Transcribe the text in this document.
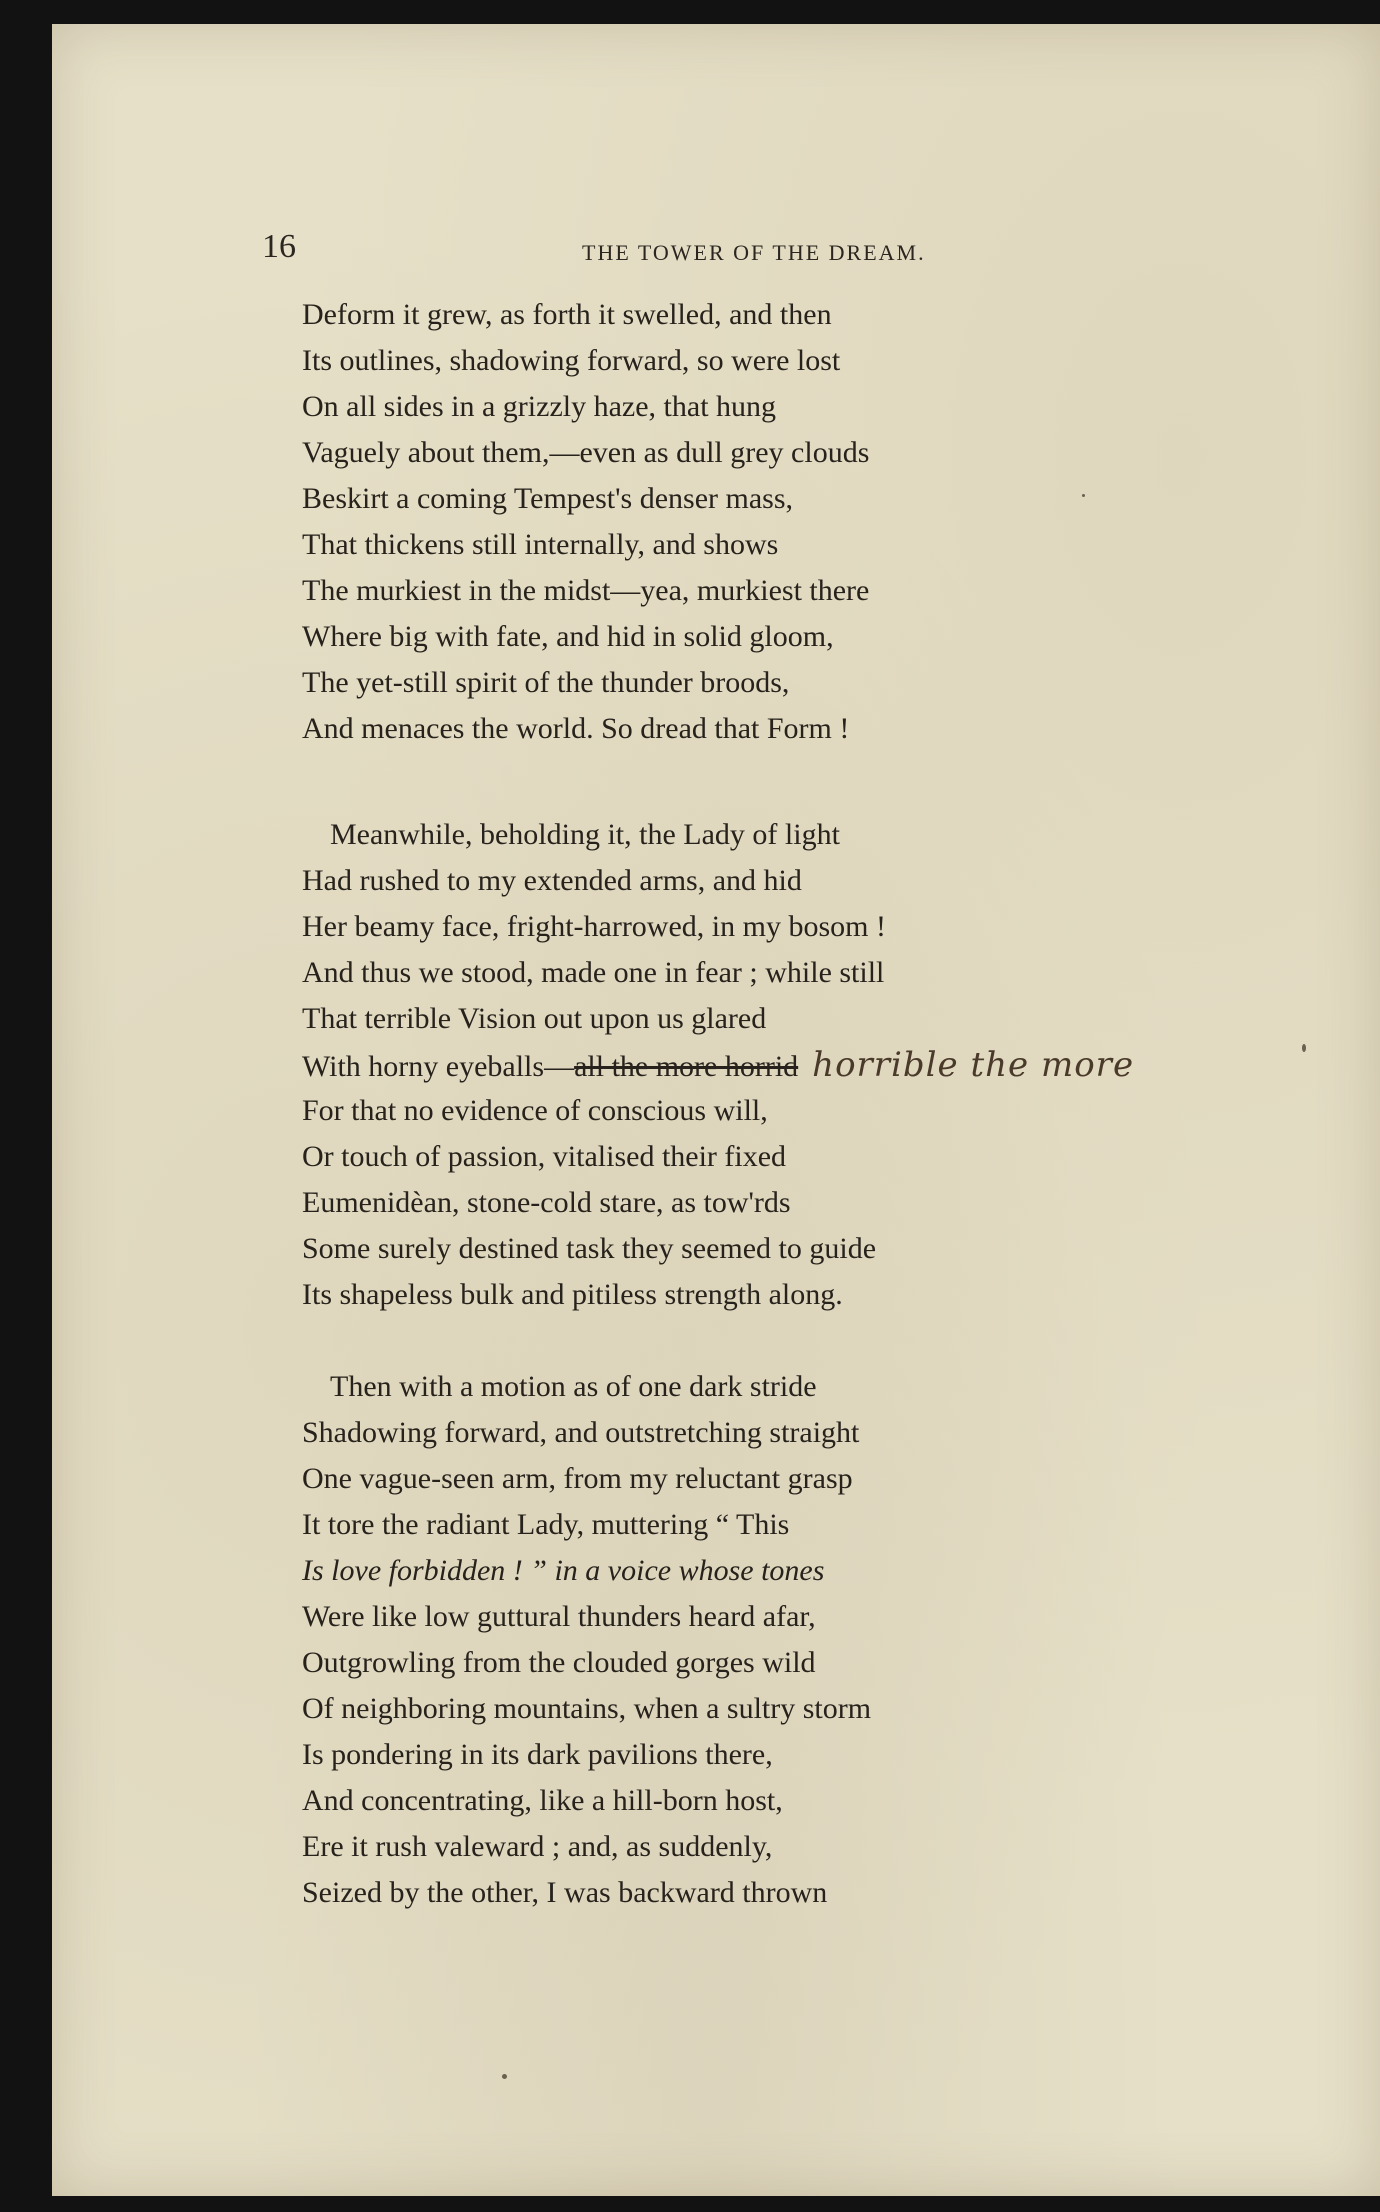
16	THE TOWER OF THE DREAM.
Deform it grew, as forth it swelled, and then
Its outlines, shadowing forward, so were lost
On all sides in a grizzly haze, that hung
Vaguely about them,—even as dull grey clouds
Beskirt a coming Tempest's denser mass,
That thickens still internally, and shows
The murkiest in the midst—yea, murkiest there
Where big with fate, and hid in solid gloom,
The yet-still spirit of the thunder broods,
And menaces the world. So dread that Form !
Meanwhile, beholding it, the Lady of light
Had rushed to my extended arms, and hid
Her beamy face, fright-harrowed, in my bosom !
And thus we stood, made one in fear ; while still
That terrible Vision out upon us glared
With horny eyeballs—all the more horrid horrible the more
For that no evidence of conscious will,
Or touch of passion, vitalised their fixed
Eumenidèan, stone-cold stare, as tow'rds
Some surely destined task they seemed to guide
Its shapeless bulk and pitiless strength along.
Then with a motion as of one dark stride
Shadowing forward, and outstretching straight
One vague-seen arm, from my reluctant grasp
It tore the radiant Lady, muttering “ This
Is love forbidden ! ” in a voice whose tones
Were like low guttural thunders heard afar,
Outgrowling from the clouded gorges wild
Of neighboring mountains, when a sultry storm
Is pondering in its dark pavilions there,
And concentrating, like a hill-born host,
Ere it rush valeward ; and, as suddenly,
Seized by the other, I was backward thrown
